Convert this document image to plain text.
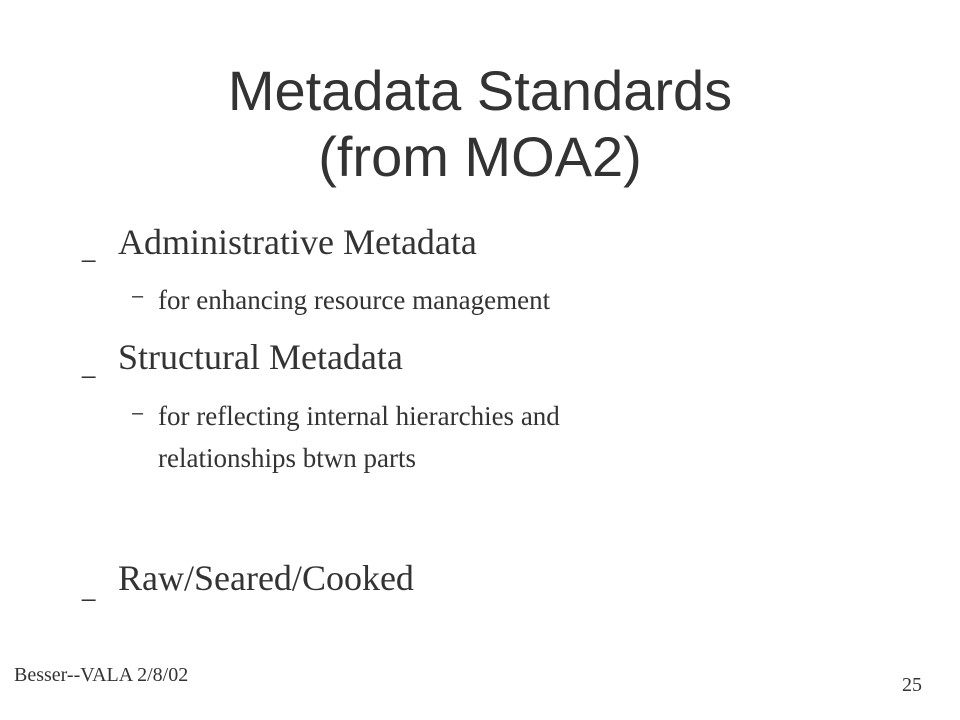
Metadata Standards
(from MOA2)
_ Administrative Metadata
– for enhancing resource management
_ Structural Metadata
– for reflecting internal hierarchies and
relationships btwn parts
_ Raw/Seared/Cooked
Besser--VALA 2/8/02	25
